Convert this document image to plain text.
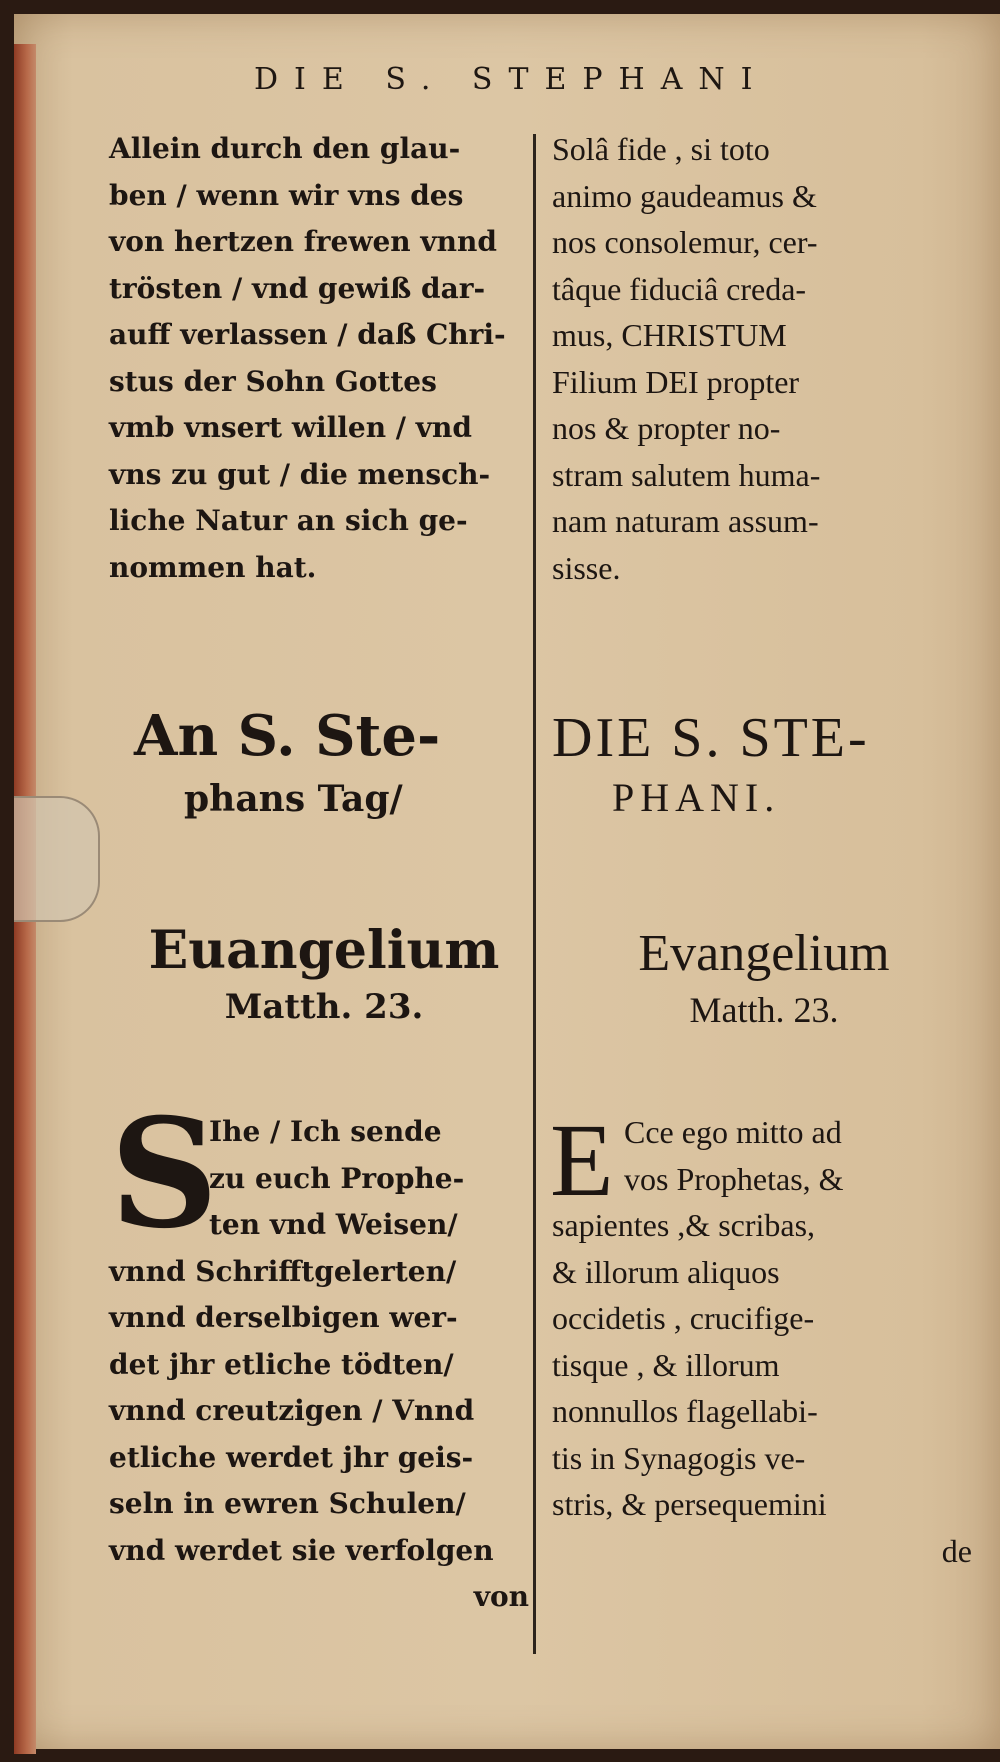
DIE S. STEPHANI
Allein durch den glau-
ben / wenn wir vns des
von hertzen frewen vnnd
trösten / vnd gewiß dar-
auff verlassen / daß Chri-
stus der Sohn Gottes
vmb vnsert willen / vnd
vns zu gut / die mensch-
liche Natur an sich ge-
nommen hat.
Solâ fide , si toto
animo gaudeamus &
nos consolemur, cer-
tâque fiduciâ creda-
mus, CHRISTUM
Filium DEI propter
nos & propter no-
stram salutem huma-
nam naturam assum-
sisse.
An S. Ste-
phans Tag/
DIE S. STE-
PHANI.
Euangelium
Matth. 23.
Evangelium
Matth. 23.
S
Ihe / Ich sende
zu euch Prophe-
ten vnd Weisen/
vnnd Schrifftgelerten/
vnnd derselbigen wer-
det jhr etliche tödten/
vnnd creutzigen / Vnnd
etliche werdet jhr geis-
seln in ewren Schulen/
vnd werdet sie verfolgen
von
E Cce ego mitto ad
vos Prophetas, &
sapientes ,& scribas,
& illorum aliquos
occidetis , crucifige-
tisque , & illorum
nonnullos flagellabi-
tis in Synagogis ve-
stris, & persequemini
de
